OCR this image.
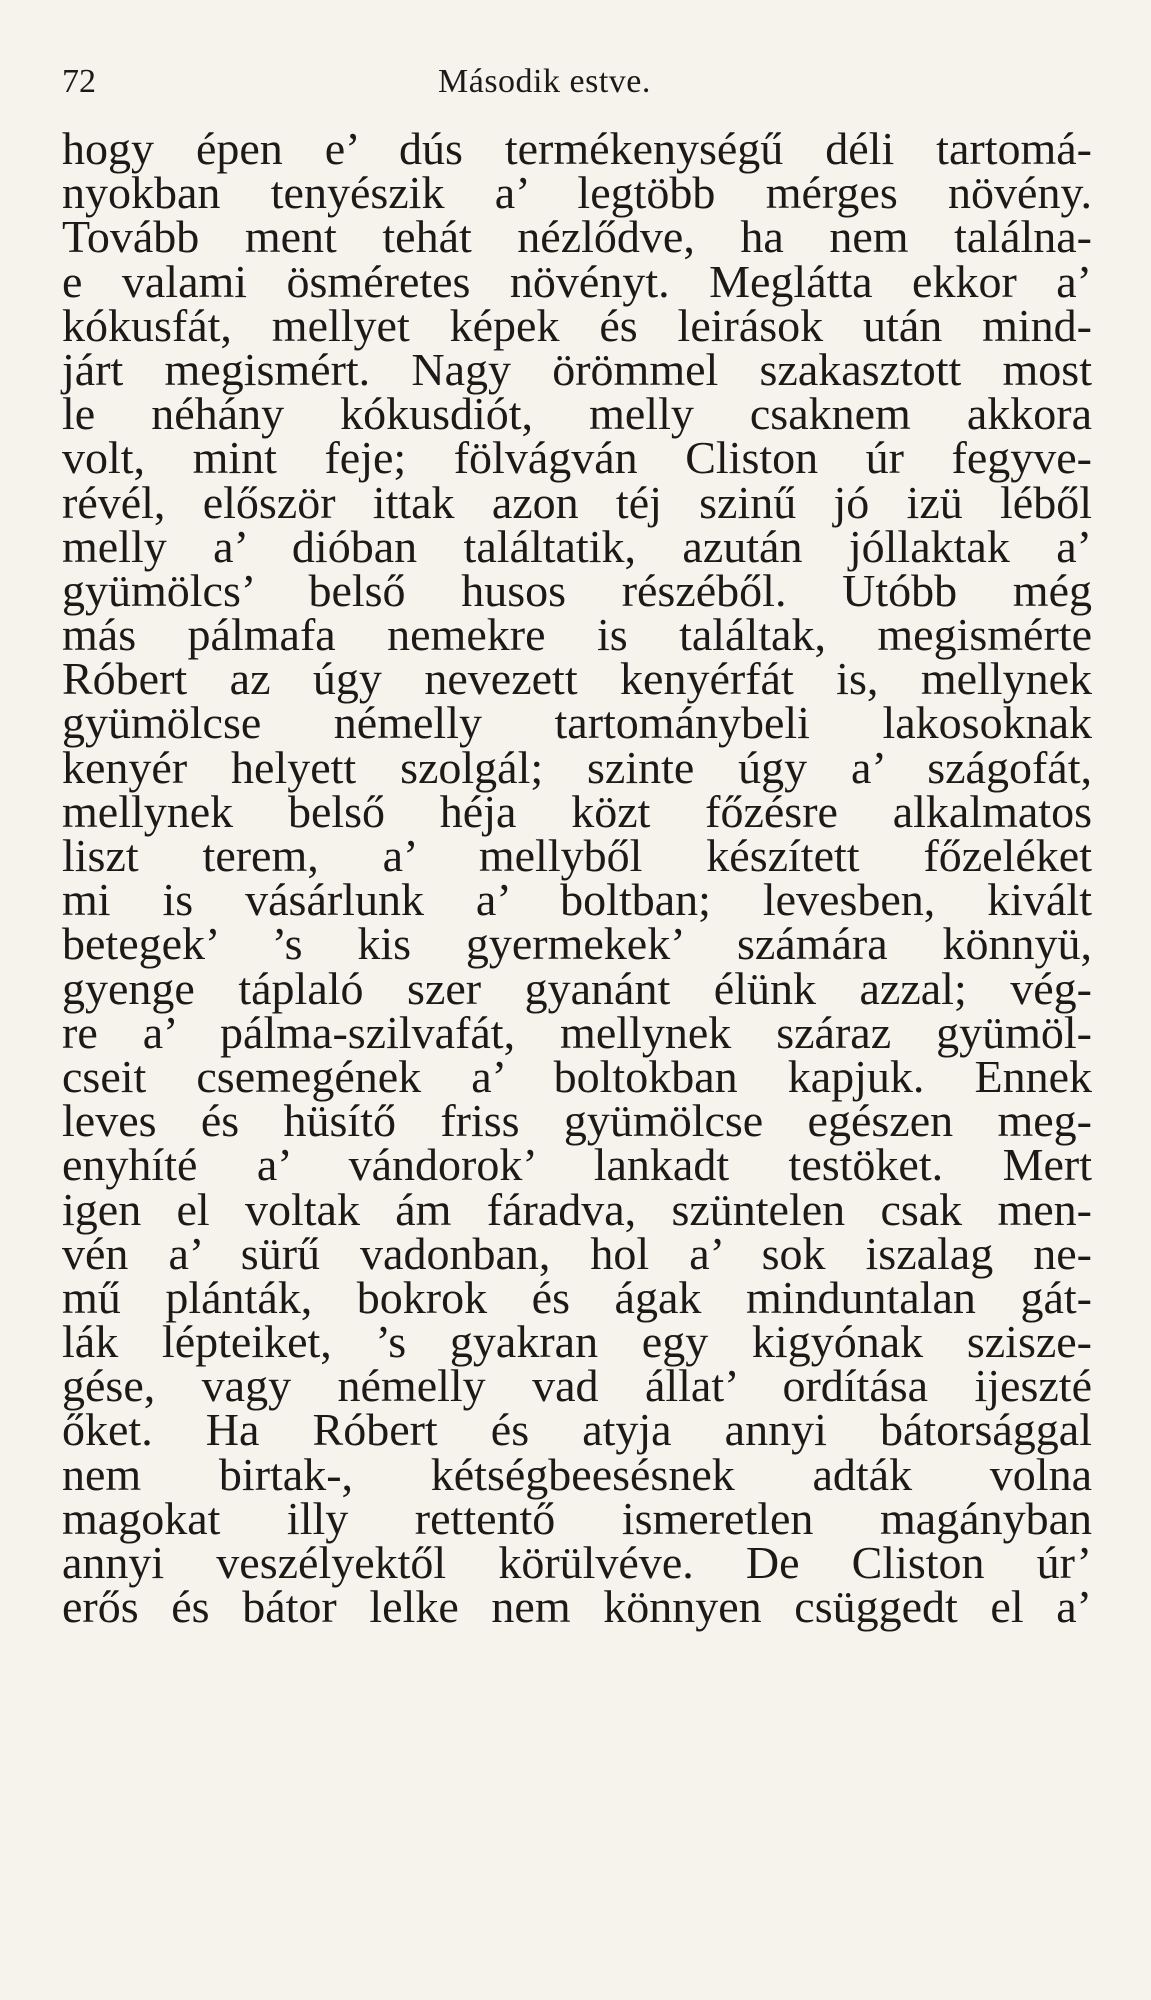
72	Második estve.
hogy épen e’ dús termékenységű déli tartomá-
nyokban tenyészik a’ legtöbb mérges növény.
Tovább ment tehát nézlődve, ha nem találna-
e valami ösméretes növényt. Meglátta ekkor a’
kókusfát, mellyet képek és leirások után mind-
járt megismért. Nagy örömmel szakasztott most
le néhány kókusdiót, melly csaknem akkora
volt, mint feje; fölvágván Cliston úr fegyve-
révél, először ittak azon téj szinű jó izü léből
melly a’ dióban találtatik, azután jóllaktak a’
gyümölcs’ belső husos részéből. Utóbb még
más pálmafa nemekre is találtak, megismérte
Róbert az úgy nevezett kenyérfát is, mellynek
gyümölcse némelly tartománybeli lakosoknak
kenyér helyett szolgál; szinte úgy a’ szágofát,
mellynek belső héja közt főzésre alkalmatos
liszt terem, a’ mellyből készített főzeléket
mi is vásárlunk a’ boltban; levesben, kivált
betegek’ ’s kis gyermekek’ számára könnyü,
gyenge táplaló szer gyanánt élünk azzal; vég-
re a’ pálma-szilvafát, mellynek száraz gyümöl-
cseit csemegének a’ boltokban kapjuk. Ennek
leves és hüsítő friss gyümölcse egészen meg-
enyhíté a’ vándorok’ lankadt testöket. Mert
igen el voltak ám fáradva, szüntelen csak men-
vén a’ sürű vadonban, hol a’ sok iszalag ne-
mű plánták, bokrok és ágak minduntalan gát-
lák lépteiket, ’s gyakran egy kigyónak szisze-
gése, vagy némelly vad állat’ ordítása ijeszté
őket. Ha Róbert és atyja annyi bátorsággal
nem birtak-, kétségbeesésnek adták volna
magokat illy rettentő ismeretlen magányban
annyi veszélyektől körülvéve. De Cliston úr’
erős és bátor lelke nem könnyen csüggedt el a’
